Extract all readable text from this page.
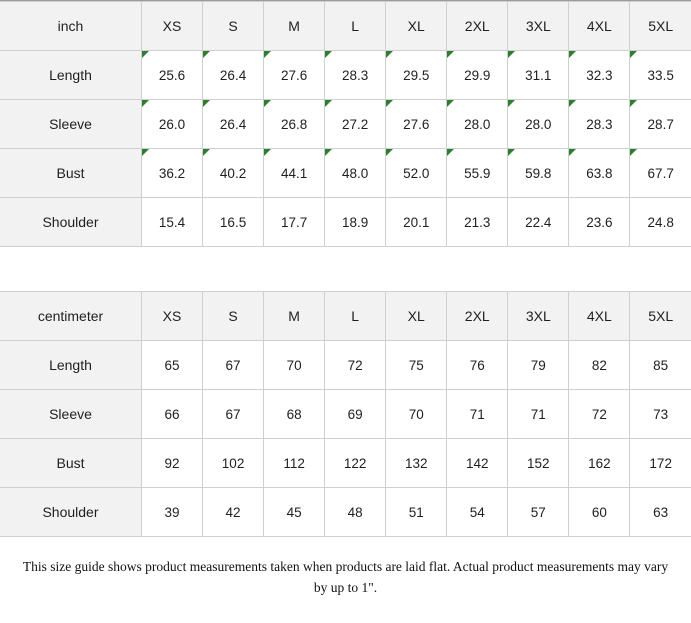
inch	XS	S	M	L	XL	2XL	3XL	4XL	5XL
Length	25.6	26.4	27.6	28.3	29.5	29.9	31.1	32.3	33.5
Sleeve	26.0	26.4	26.8	27.2	27.6	28.0	28.0	28.3	28.7
Bust	36.2	40.2	44.1	48.0	52.0	55.9	59.8	63.8	67.7
Shoulder	15.4	16.5	17.7	18.9	20.1	21.3	22.4	23.6	24.8
centimeter	XS	S	M	L	XL	2XL	3XL	4XL	5XL
Length	65	67	70	72	75	76	79	82	85
Sleeve	66	67	68	69	70	71	71	72	73
Bust	92	102	112	122	132	142	152	162	172
Shoulder	39	42	45	48	51	54	57	60	63
This size guide shows product measurements taken when products are laid flat. Actual product measurements may vary
by up to 1".
